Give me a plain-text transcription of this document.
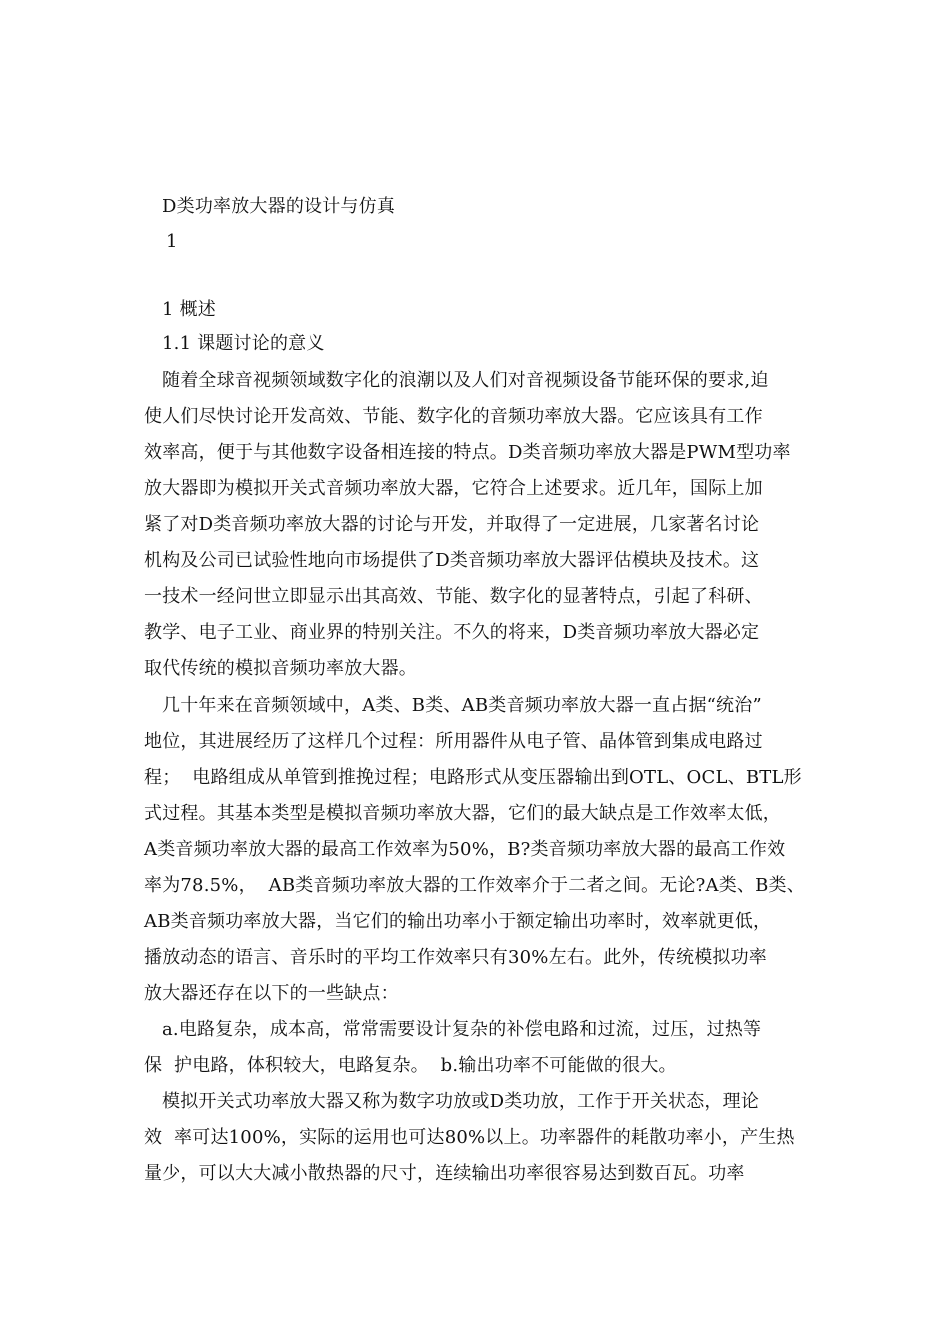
D类功率放大器的设计与仿真
1
1 概述
1.1 课题讨论的意义
随着全球音视频领域数字化的浪潮以及人们对音视频设备节能环保的要求,迫
使人们尽快讨论开发高效、节能、数字化的音频功率放大器。它应该具有工作
效率高，便于与其他数字设备相连接的特点。D类音频功率放大器是PWM型功率
放大器即为模拟开关式音频功率放大器，它符合上述要求。近几年，国际上加
紧了对D类音频功率放大器的讨论与开发，并取得了一定进展，几家著名讨论
机构及公司已试验性地向市场提供了D类音频功率放大器评估模块及技术。这
一技术一经问世立即显示出其高效、节能、数字化的显著特点，引起了科研、
教学、电子工业、商业界的特别关注。不久的将来，D类音频功率放大器必定
取代传统的模拟音频功率放大器。
几十年来在音频领域中，A类、B类、AB类音频功率放大器一直占据“统治”
地位，其进展经历了这样几个过程：所用器件从电子管、晶体管到集成电路过
程；  电路组成从单管到推挽过程；电路形式从变压器输出到OTL、OCL、BTL形
式过程。其基本类型是模拟音频功率放大器，它们的最大缺点是工作效率太低，
A类音频功率放大器的最高工作效率为50%，B?类音频功率放大器的最高工作效
率为78.5%，  AB类音频功率放大器的工作效率介于二者之间。无论?A类、B类、
AB类音频功率放大器，当它们的输出功率小于额定输出功率时，效率就更低，
播放动态的语言、音乐时的平均工作效率只有30%左右。此外，传统模拟功率
放大器还存在以下的一些缺点：
a.电路复杂，成本高，常常需要设计复杂的补偿电路和过流，过压，过热等
保  护电路，体积较大，电路复杂。  b.输出功率不可能做的很大。
模拟开关式功率放大器又称为数字功放或D类功放，工作于开关状态，理论
效  率可达100%，实际的运用也可达80%以上。功率器件的耗散功率小，产生热
量少，可以大大减小散热器的尺寸，连续输出功率很容易达到数百瓦。功率
